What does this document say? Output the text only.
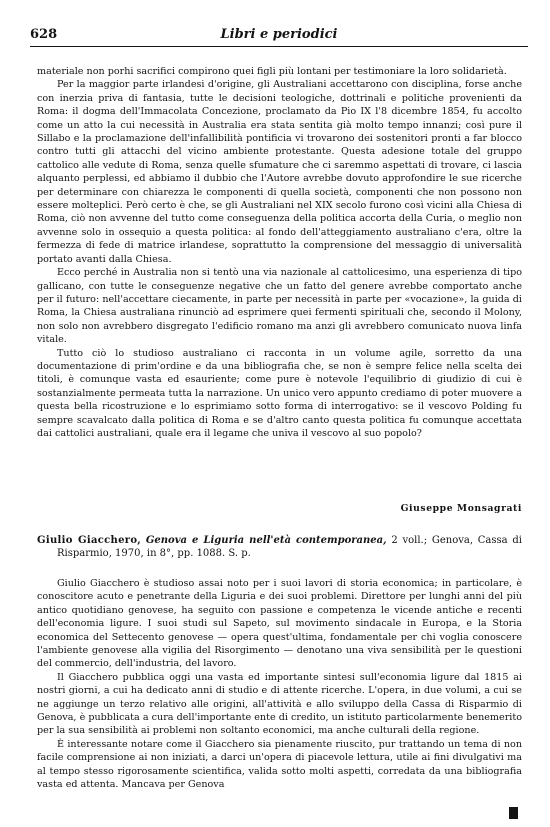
628	Libri e periodici

materiale non porhi sacrifici compirono quei figli più lontani per testimoniare la loro solidarietà.

Per la maggior parte irlandesi d'origine, gli Australiani accettarono con disciplina, forse anche con inerzia priva di fantasia, tutte le decisioni teologiche, dottrinali e politiche provenienti da Roma: il dogma dell'Immacolata Concezione, proclamato da Pio IX l'8 dicembre 1854, fu accolto come un atto la cui necessità in Australia era stata sentita già molto tempo innanzi; così pure il Sillabo e la proclamazione dell'infallibilità pontificia vi trovarono dei sostenitori pronti a far blocco contro tutti gli attacchi del vicino ambiente protestante. Questa adesione totale del gruppo cattolico alle vedute di Roma, senza quelle sfumature che ci saremmo aspettati di trovare, ci lascia alquanto perplessi, ed abbiamo il dubbio che l'Autore avrebbe dovuto approfondire le sue ricerche per determinare con chiarezza le componenti di quella società, componenti che non possono non essere molteplici. Però certo è che, se gli Australiani nel XIX secolo furono così vicini alla Chiesa di Roma, ciò non avvenne del tutto come conseguenza della politica accorta della Curia, o meglio non avvenne solo in ossequio a questa politica: al fondo dell'atteggiamento australiano c'era, oltre la fermezza di fede di matrice irlandese, soprattutto la comprensione del messaggio di universalità portato avanti dalla Chiesa.

Ecco perché in Australia non si tentò una via nazionale al cattolicesimo, una esperienza di tipo gallicano, con tutte le conseguenze negative che un fatto del genere avrebbe comportato anche per il futuro: nell'accettare ciecamente, in parte per necessità in parte per «vocazione», la guida di Roma, la Chiesa australiana rinunciò ad esprimere quei fermenti spirituali che, secondo il Molony, non solo non avrebbero disgregato l'edificio romano ma anzi gli avrebbero comunicato nuova linfa vitale.

Tutto ciò lo studioso australiano ci racconta in un volume agile, sorretto da una documentazione di prim'ordine e da una bibliografia che, se non è sempre felice nella scelta dei titoli, è comunque vasta ed esauriente; come pure è notevole l'equilibrio di giudizio di cui è sostanzialmente permeata tutta la narrazione. Un unico vero appunto crediamo di poter muovere a questa bella ricostruzione e lo esprimiamo sotto forma di interrogativo: se il vescovo Polding fu sempre scavalcato dalla politica di Roma e se d'altro canto questa politica fu comunque accettata dai cattolici australiani, quale era il legame che univa il vescovo al suo popolo?

Giuseppe Monsagrati
Giulio Giacchero, Genova e Liguria nell'età contemporanea, 2 voll.; Genova, Cassa di Risparmio, 1970, in 8°, pp. 1088. S. p.

Giulio Giacchero è studioso assai noto per i suoi lavori di storia economica; in particolare, è conoscitore acuto e penetrante della Liguria e dei suoi problemi. Direttore per lunghi anni del più antico quotidiano genovese, ha seguito con passione e competenza le vicende antiche e recenti dell'economia ligure. I suoi studi sul Sapeto, sul movimento sindacale in Europa, e la Storia economica del Settecento genovese — opera quest'ultima, fondamentale per chi voglia conoscere l'ambiente genovese alla vigilia del Risorgimento — denotano una viva sensibilità per le questioni del commercio, dell'industria, del lavoro.

Il Giacchero pubblica oggi una vasta ed importante sintesi sull'economia ligure dal 1815 ai nostri giorni, a cui ha dedicato anni di studio e di attente ricerche. L'opera, in due volumi, a cui se ne aggiunge un terzo relativo alle origini, all'attività e allo sviluppo della Cassa di Risparmio di Genova, è pubblicata a cura dell'importante ente di credito, un istituto particolarmente benemerito per la sua sensibilità ai problemi non soltanto economici, ma anche culturali della regione.

È interessante notare come il Giacchero sia pienamente riuscito, pur trattando un tema di non facile comprensione ai non iniziati, a darci un'opera di piacevole lettura, utile ai fini divulgativi ma al tempo stesso rigorosamente scientifica, valida sotto molti aspetti, corredata da una bibliografia vasta ed attenta. Mancava per Genova
